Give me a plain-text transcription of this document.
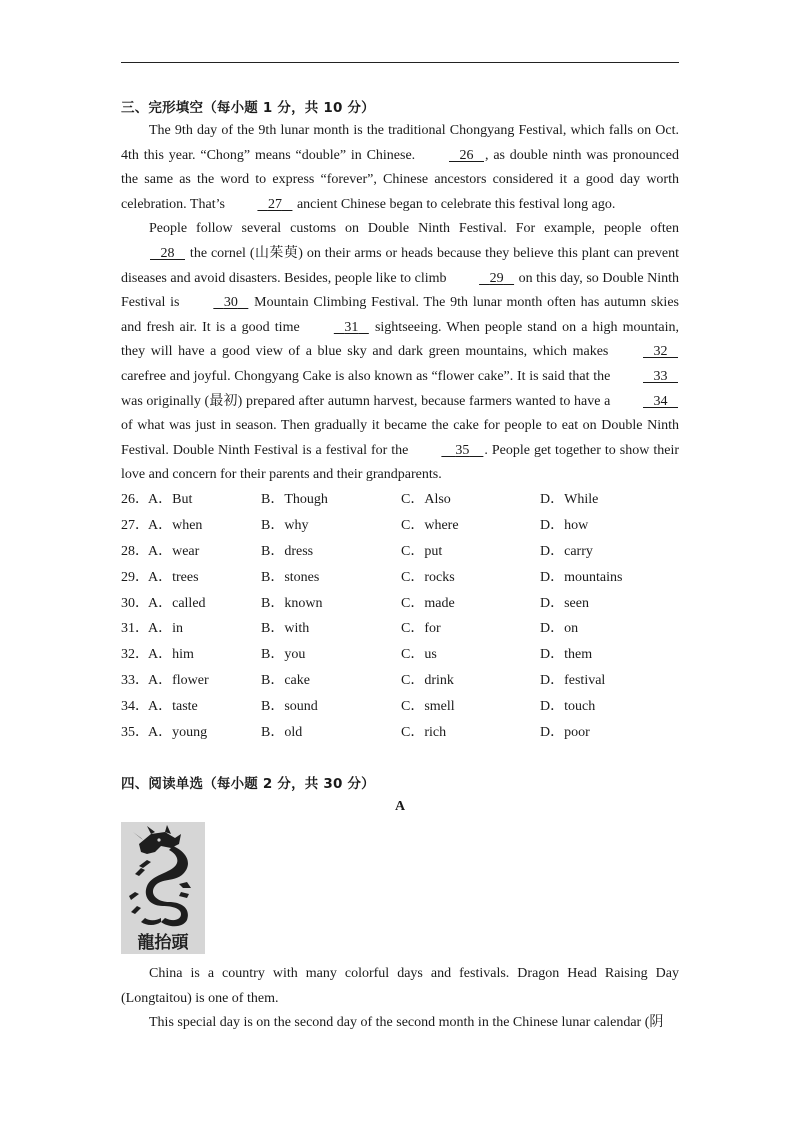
三、完形填空（每小题 1 分，共 10 分）

The 9th day of the 9th lunar month is the traditional Chongyang Festival, which falls on Oct. 4th this year. “Chong” means “double” in Chinese.	26 , as double ninth was pronounced the same as the word to express “forever”, Chinese ancestors considered it a good day worth celebration. That’s	27    ancient Chinese began to celebrate this festival long ago.

People follow several customs on Double Ninth Festival. For example, people often    28    the cornel (山茱萸) on their arms or heads because they believe this plant can prevent diseases and avoid disasters. Besides, people like to climb	29    on this day, so Double Ninth Festival is	30    Mountain Climbing Festival. The 9th lunar month often has autumn skies and fresh air. It is a good time	31    sightseeing. When people stand on a high mountain, they will have a good view of a blue sky and dark green mountains, which makes	32    carefree and joyful. Chongyang Cake is also known as “flower cake”. It is said that the	33    was originally (最初) prepared after autumn harvest, because farmers wanted to have a	34    of what was just in season. Then gradually it became the cake for people to eat on Double Ninth Festival. Double Ninth Festival is a festival for the	35 . People get together to show their love and concern for their parents and their grandparents.

26． A．But	B．Though	C．Also	D．While
27． A．when	B．why	C．where	D．how
28． A．wear	B．dress	C．put	D．carry
29． A．trees	B．stones	C．rocks	D．mountains
30． A．called	B．known	C．made	D．seen
31． A．in	B．with	C．for	D．on
32． A．him	B．you	C．us	D．them
33． A．flower	B．cake	C．drink	D．festival
34． A．taste	B．sound	C．smell	D．touch
35． A．young	B．old	C．rich	D．poor
四、阅读单选（每小题 2 分，共 30 分）
A
龍抬頭

China is a country with many colorful days and festivals. Dragon Head Raising Day (Longtaitou) is one of them.

This special day is on the second day of the second month in the Chinese lunar calendar (阴
